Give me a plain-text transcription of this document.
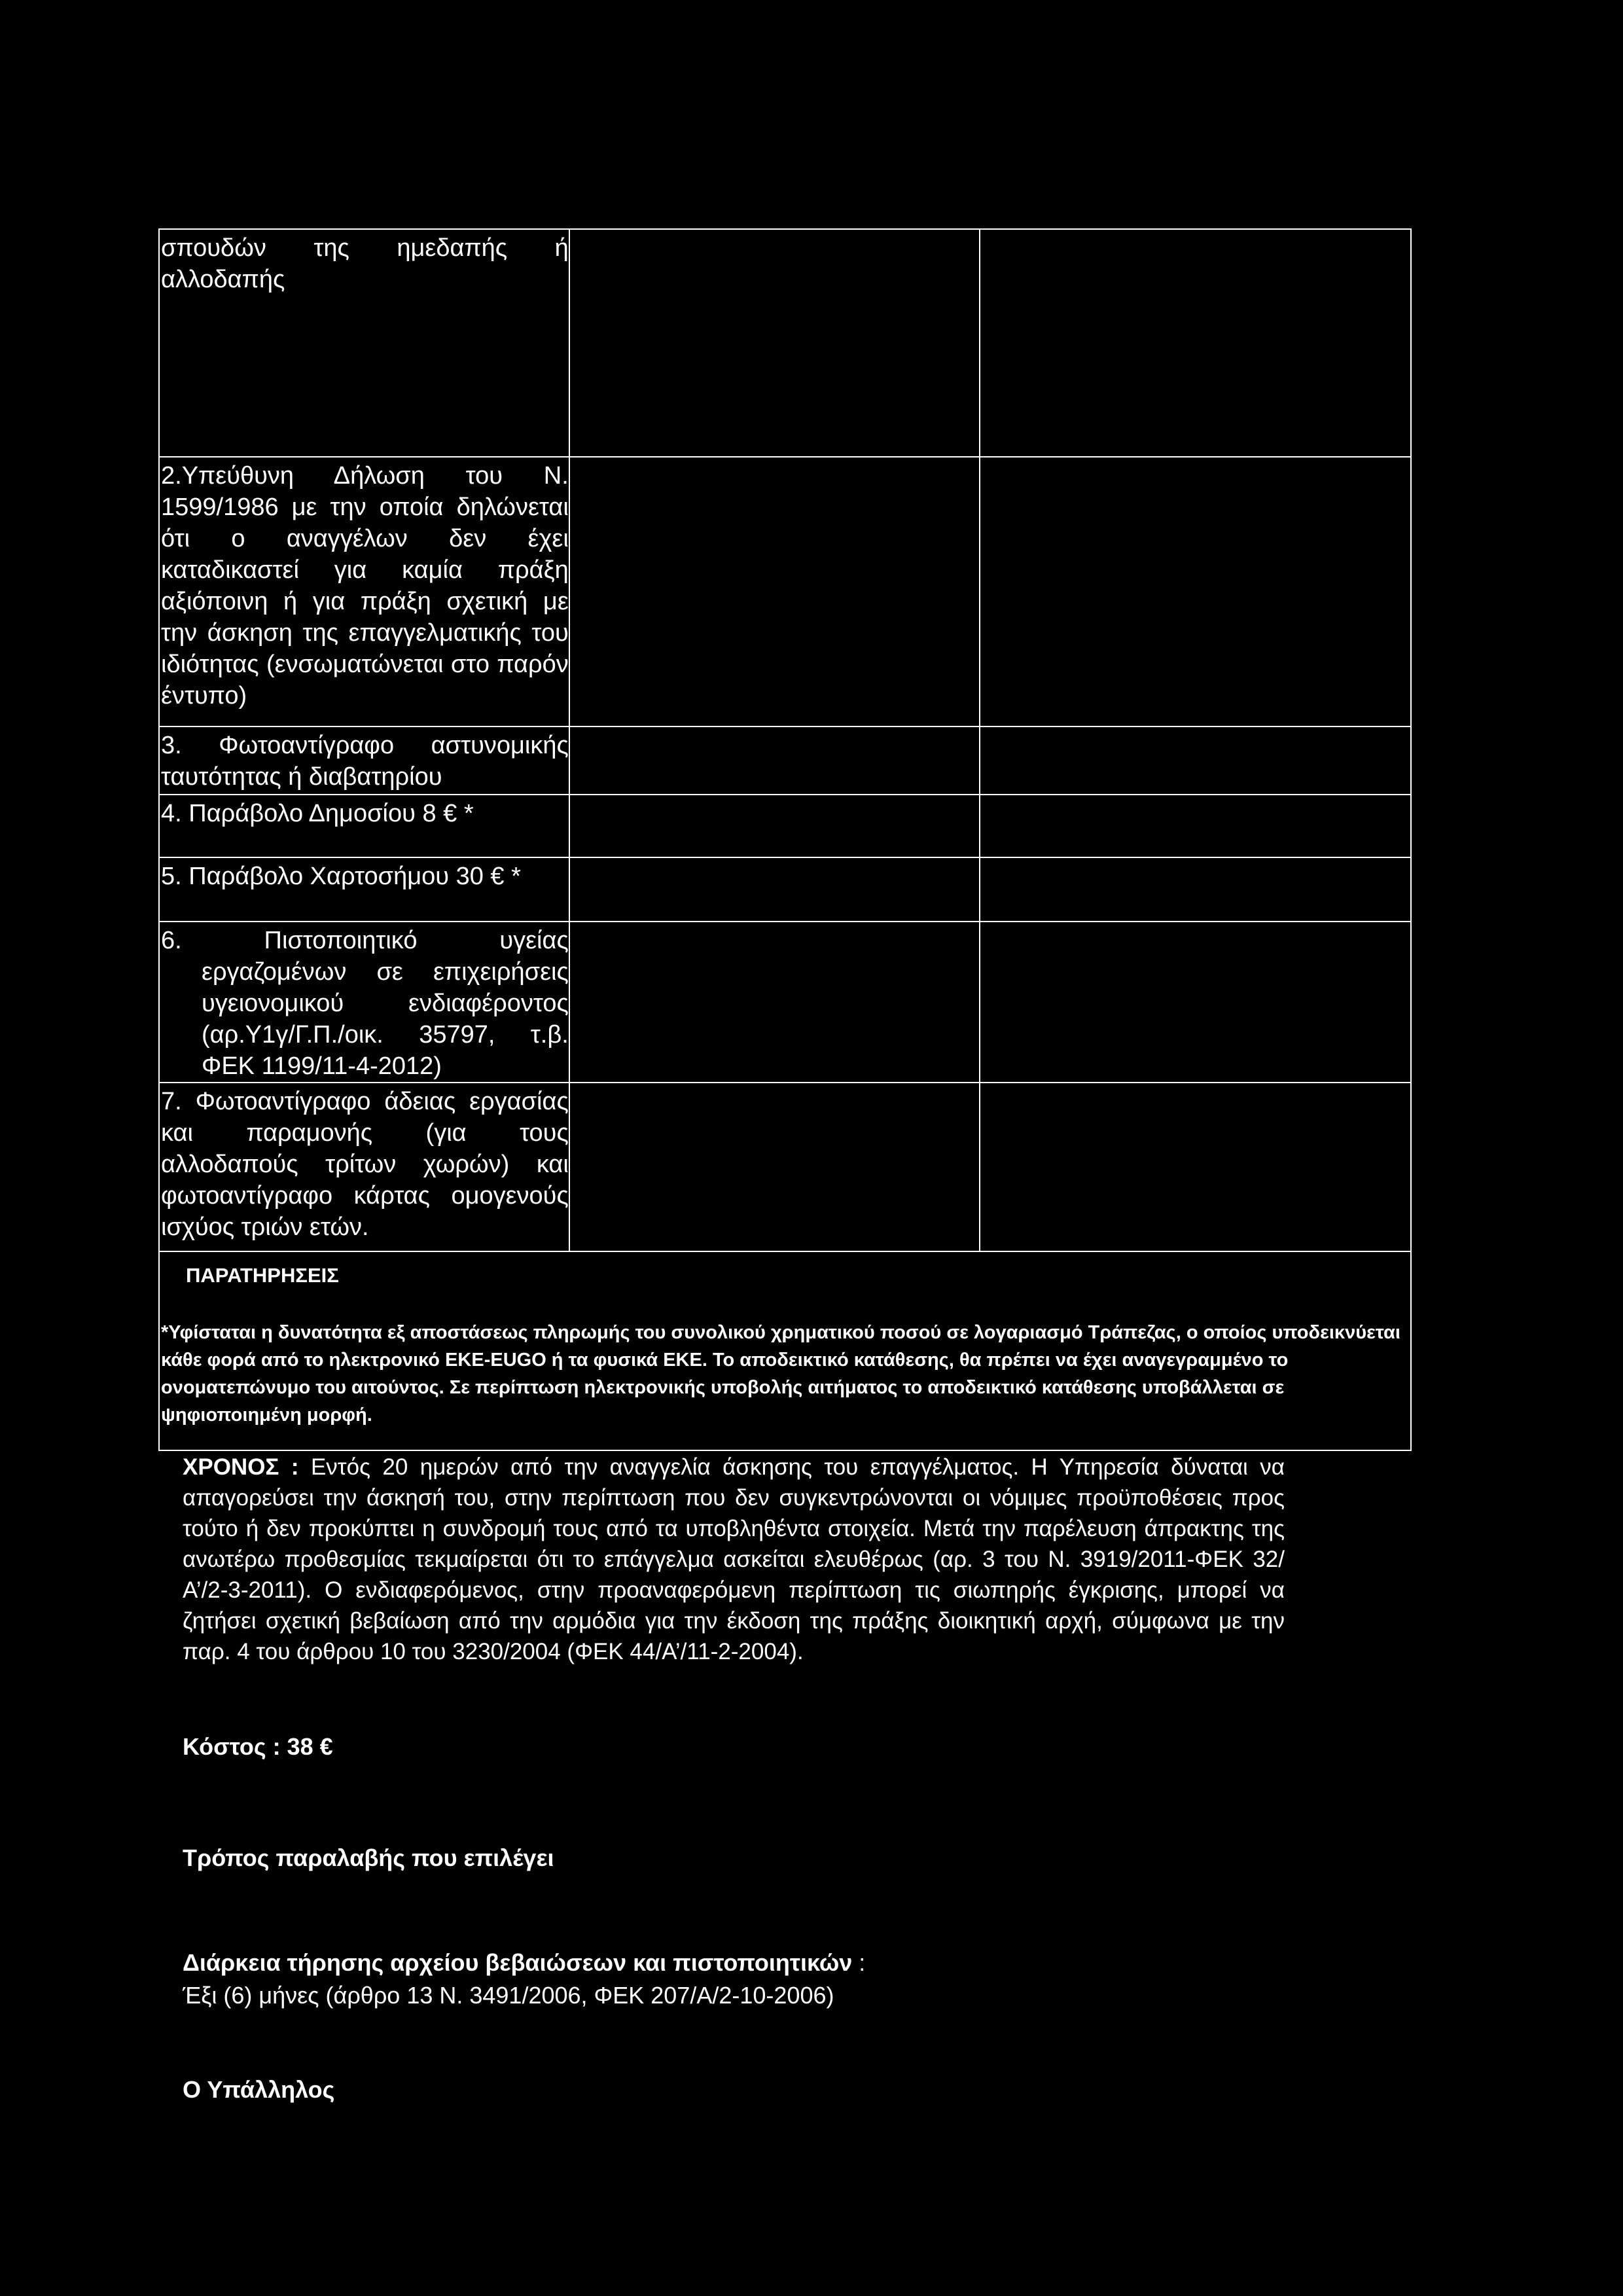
σπουδών της ημεδαπής ή αλλοδαπής		

2.Υπεύθυνη Δήλωση του Ν. 1599/1986 με την οποία δηλώνεται ότι ο αναγγέλων δεν έχει καταδικαστεί για καμία πράξη αξιόποινη ή για πράξη σχετική με την άσκηση της επαγγελματικής του ιδιότητας (ενσωματώνεται στο παρόν έντυπο)		

3. Φωτοαντίγραφο αστυνομικής ταυτότητας ή διαβατηρίου		

4. Παράβολο Δημοσίου 8 € *		

5. Παράβολο Χαρτοσήμου 30 € *		

6. Πιστοποιητικό υγείας εργαζομένων σε επιχειρήσεις υγειονομικού ενδιαφέροντος (αρ.Υ1γ/Γ.Π./οικ. 35797, τ.β. ΦΕΚ 1199/11-4-2012)		

7. Φωτοαντίγραφο άδειας εργασίας και παραμονής (για τους αλλοδαπούς τρίτων χωρών) και φωτοαντίγραφο κάρτας ομογενούς ισχύος τριών ετών.		

ΠΑΡΑΤΗΡΗΣΕΙΣ
*Υφίσταται η δυνατότητα εξ αποστάσεως πληρωμής του συνολικού χρηματικού ποσού σε λογαριασμό Τράπεζας, ο οποίος υποδεικνύεται κάθε φορά από το ηλεκτρονικό ΕΚΕ-EUGO ή τα φυσικά ΕΚΕ. Το αποδεικτικό κατάθεσης, θα πρέπει να έχει αναγεγραμμένο το ονοματεπώνυμο του αιτούντος. Σε περίπτωση ηλεκτρονικής υποβολής αιτήματος το αποδεικτικό κατάθεσης υποβάλλεται σε ψηφιοποιημένη μορφή.		
ΧΡΟΝΟΣ : Εντός 20 ημερών από την αναγγελία άσκησης του επαγγέλματος. Η Υπηρεσία δύναται να απαγορεύσει την άσκησή του, στην περίπτωση που δεν συγκεντρώνονται οι νόμιμες προϋποθέσεις προς τούτο ή δεν προκύπτει η συνδρομή τους από τα υποβληθέντα στοιχεία. Μετά την παρέλευση άπρακτης της ανωτέρω προθεσμίας τεκμαίρεται ότι το επάγγελμα ασκείται ελευθέρως (αρ. 3 του Ν. 3919/2011-ΦΕΚ 32/Α’/2-3-2011). Ο ενδιαφερόμενος, στην προαναφερόμενη περίπτωση τις σιωπηρής έγκρισης, μπορεί να ζητήσει σχετική βεβαίωση από την αρμόδια για την έκδοση της πράξης διοικητική αρχή, σύμφωνα με την παρ. 4 του άρθρου 10 του 3230/2004 (ΦΕΚ 44/Α’/11-2-2004).
Κόστος : 38 €
Τρόπος παραλαβής που επιλέγει
Διάρκεια τήρησης αρχείου βεβαιώσεων και πιστοποιητικών :
Έξι (6) μήνες (άρθρο 13 Ν. 3491/2006, ΦΕΚ 207/Α/2-10-2006)
Ο Υπάλληλος
